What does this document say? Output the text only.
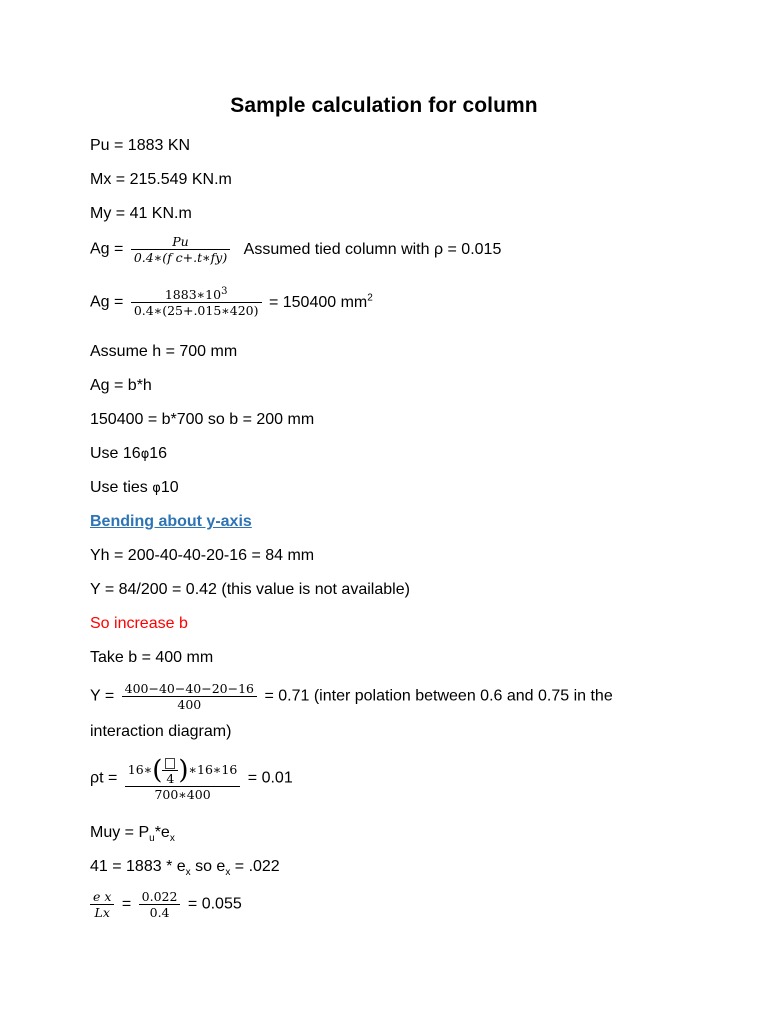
Sample calculation for column
Pu = 1883 KN
Mx = 215.549 KN.m
My = 41 KN.m
$Ag = \frac{Pu}{\text{0.4∗(f c+.t∗fy)}}$ Assumed tied column with ρ = 0.015
$Ag = \frac{1883∗10^3}{0.4∗(25+.015∗420)} = 150400$ $mm^2$
Assume h = 700 mm
Ag = b*h
150400 = b*700 so b = 200 mm
Use 16φ16
Use ties φ10
Bending about y-axis
Yh = 200-40-40-20-16 = 84 mm
Y = 84/200 = 0.42 (this value is not available)
So increase b
Take b = 400 mm
$Y = \frac{400-40-40-20-16}{400} = 0.71$ (inter polation between 0.6 and 0.75 in the
interaction diagram)
$\rho t = \frac{16∗( 4 )∗16∗16}{700∗400} = 0.01$
Muy = $P_u*e_x$
$41 = 1883 * e_x$ so $e_x = .022$
$\frac{\text{e x}}{Lx} = \frac{0.022}{0.4} = 0.055$
